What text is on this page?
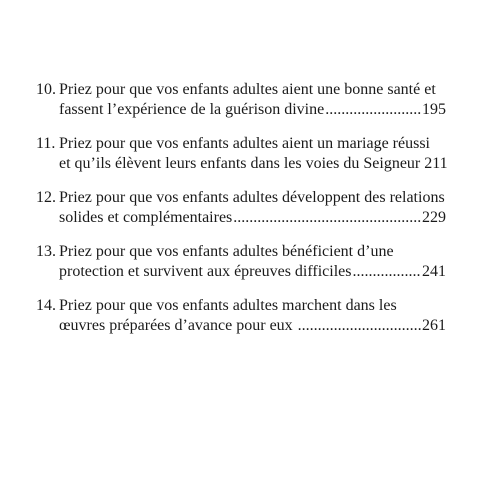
10. Priez pour que vos enfants adultes aient une bonne santé et
fassent l’expérience de la guérison divine .....	195
11. Priez pour que vos enfants adultes aient un mariage réussi
et qu’ils élèvent leurs enfants dans les voies du Seigneur 211
12. Priez pour que vos enfants adultes développent des relations
solides et complémentaires .....	229
13. Priez pour que vos enfants adultes bénéficient d’une
protection et survivent aux épreuves difficiles .....	241
14. Priez pour que vos enfants adultes marchent dans les
œuvres préparées d’avance pour eux .....	261
